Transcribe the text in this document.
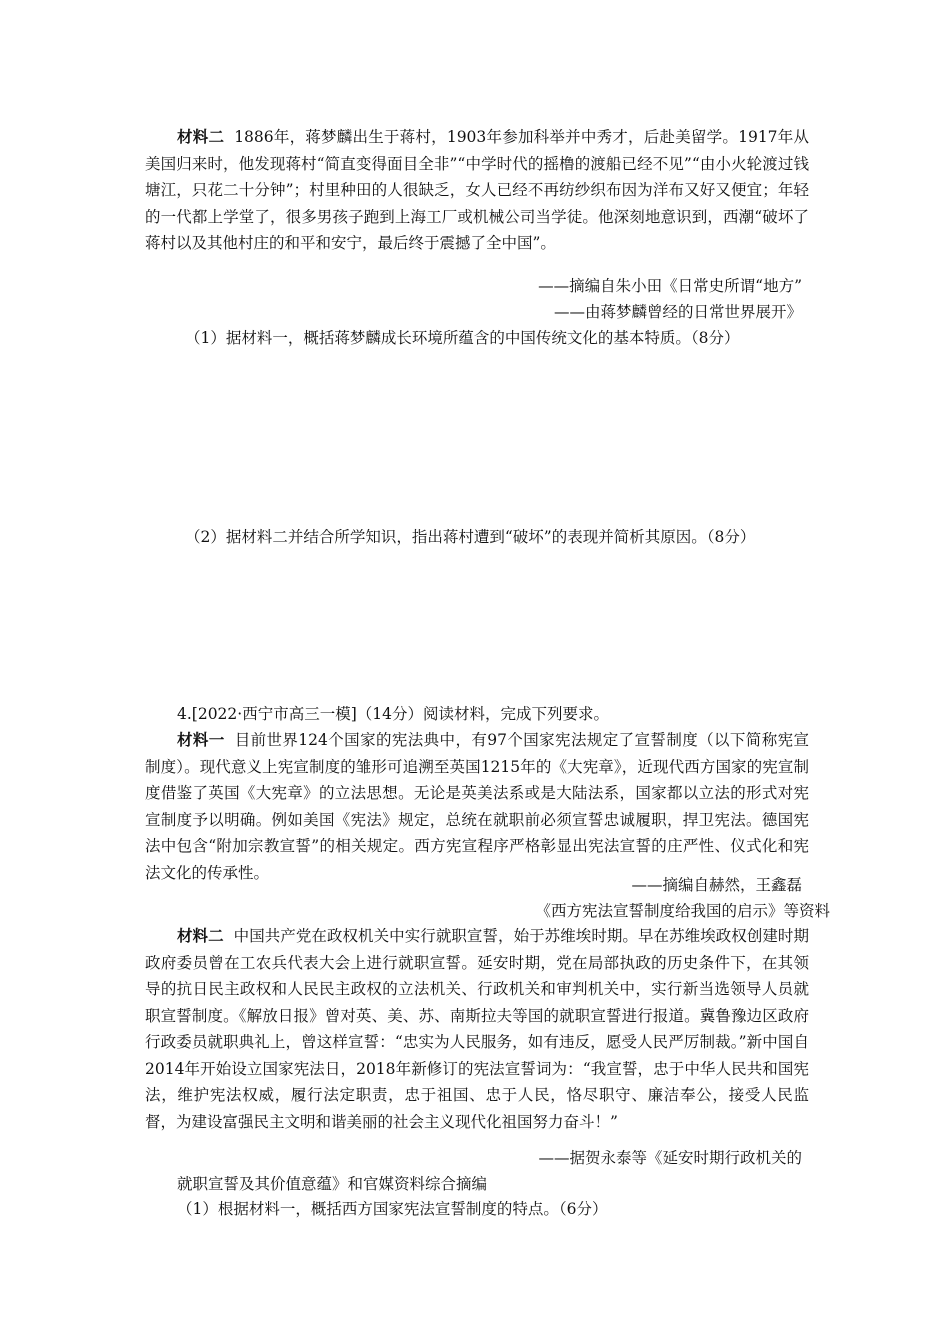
材料二 1886年，蒋梦麟出生于蒋村，1903年参加科举并中秀才，后赴美留学。1917年从美国归来时，他发现蒋村“简直变得面目全非”“中学时代的摇橹的渡船已经不见”“由小火轮渡过钱塘江，只花二十分钟”；村里种田的人很缺乏，女人已经不再纺纱织布因为洋布又好又便宜；年轻的一代都上学堂了，很多男孩子跑到上海工厂或机械公司当学徒。他深刻地意识到，西潮“破坏了蒋村以及其他村庄的和平和安宁，最后终于震撼了全中国”。
——摘编自朱小田《日常史所谓“地方”
——由蒋梦麟曾经的日常世界展开》
（1）据材料一，概括蒋梦麟成长环境所蕴含的中国传统文化的基本特质。（8分）
（2）据材料二并结合所学知识，指出蒋村遭到“破坏”的表现并简析其原因。（8分）
4.[2022·西宁市高三一模]（14分）阅读材料，完成下列要求。
材料一 目前世界124个国家的宪法典中，有97个国家宪法规定了宣誓制度（以下简称宪宣制度）。现代意义上宪宣制度的雏形可追溯至英国1215年的《大宪章》，近现代西方国家的宪宣制度借鉴了英国《大宪章》的立法思想。无论是英美法系或是大陆法系，国家都以立法的形式对宪宣制度予以明确。例如美国《宪法》规定，总统在就职前必须宣誓忠诚履职，捍卫宪法。德国宪法中包含“附加宗教宣誓”的相关规定。西方宪宣程序严格彰显出宪法宣誓的庄严性、仪式化和宪法文化的传承性。
——摘编自赫然，王鑫磊
《西方宪法宣誓制度给我国的启示》等资料
材料二 中国共产党在政权机关中实行就职宣誓，始于苏维埃时期。早在苏维埃政权创建时期政府委员曾在工农兵代表大会上进行就职宣誓。延安时期，党在局部执政的历史条件下，在其领导的抗日民主政权和人民民主政权的立法机关、行政机关和审判机关中，实行新当选领导人员就职宣誓制度。《解放日报》曾对英、美、苏、南斯拉夫等国的就职宣誓进行报道。冀鲁豫边区政府行政委员就职典礼上，曾这样宣誓：“忠实为人民服务，如有违反，愿受人民严厉制裁。”新中国自2014年开始设立国家宪法日，2018年新修订的宪法宣誓词为：“我宣誓，忠于中华人民共和国宪法，维护宪法权威，履行法定职责，忠于祖国、忠于人民，恪尽职守、廉洁奉公，接受人民监督，为建设富强民主文明和谐美丽的社会主义现代化祖国努力奋斗！”
——据贺永泰等《延安时期行政机关的
就职宣誓及其价值意蕴》和官媒资料综合摘编
（1）根据材料一，概括西方国家宪法宣誓制度的特点。（6分）
